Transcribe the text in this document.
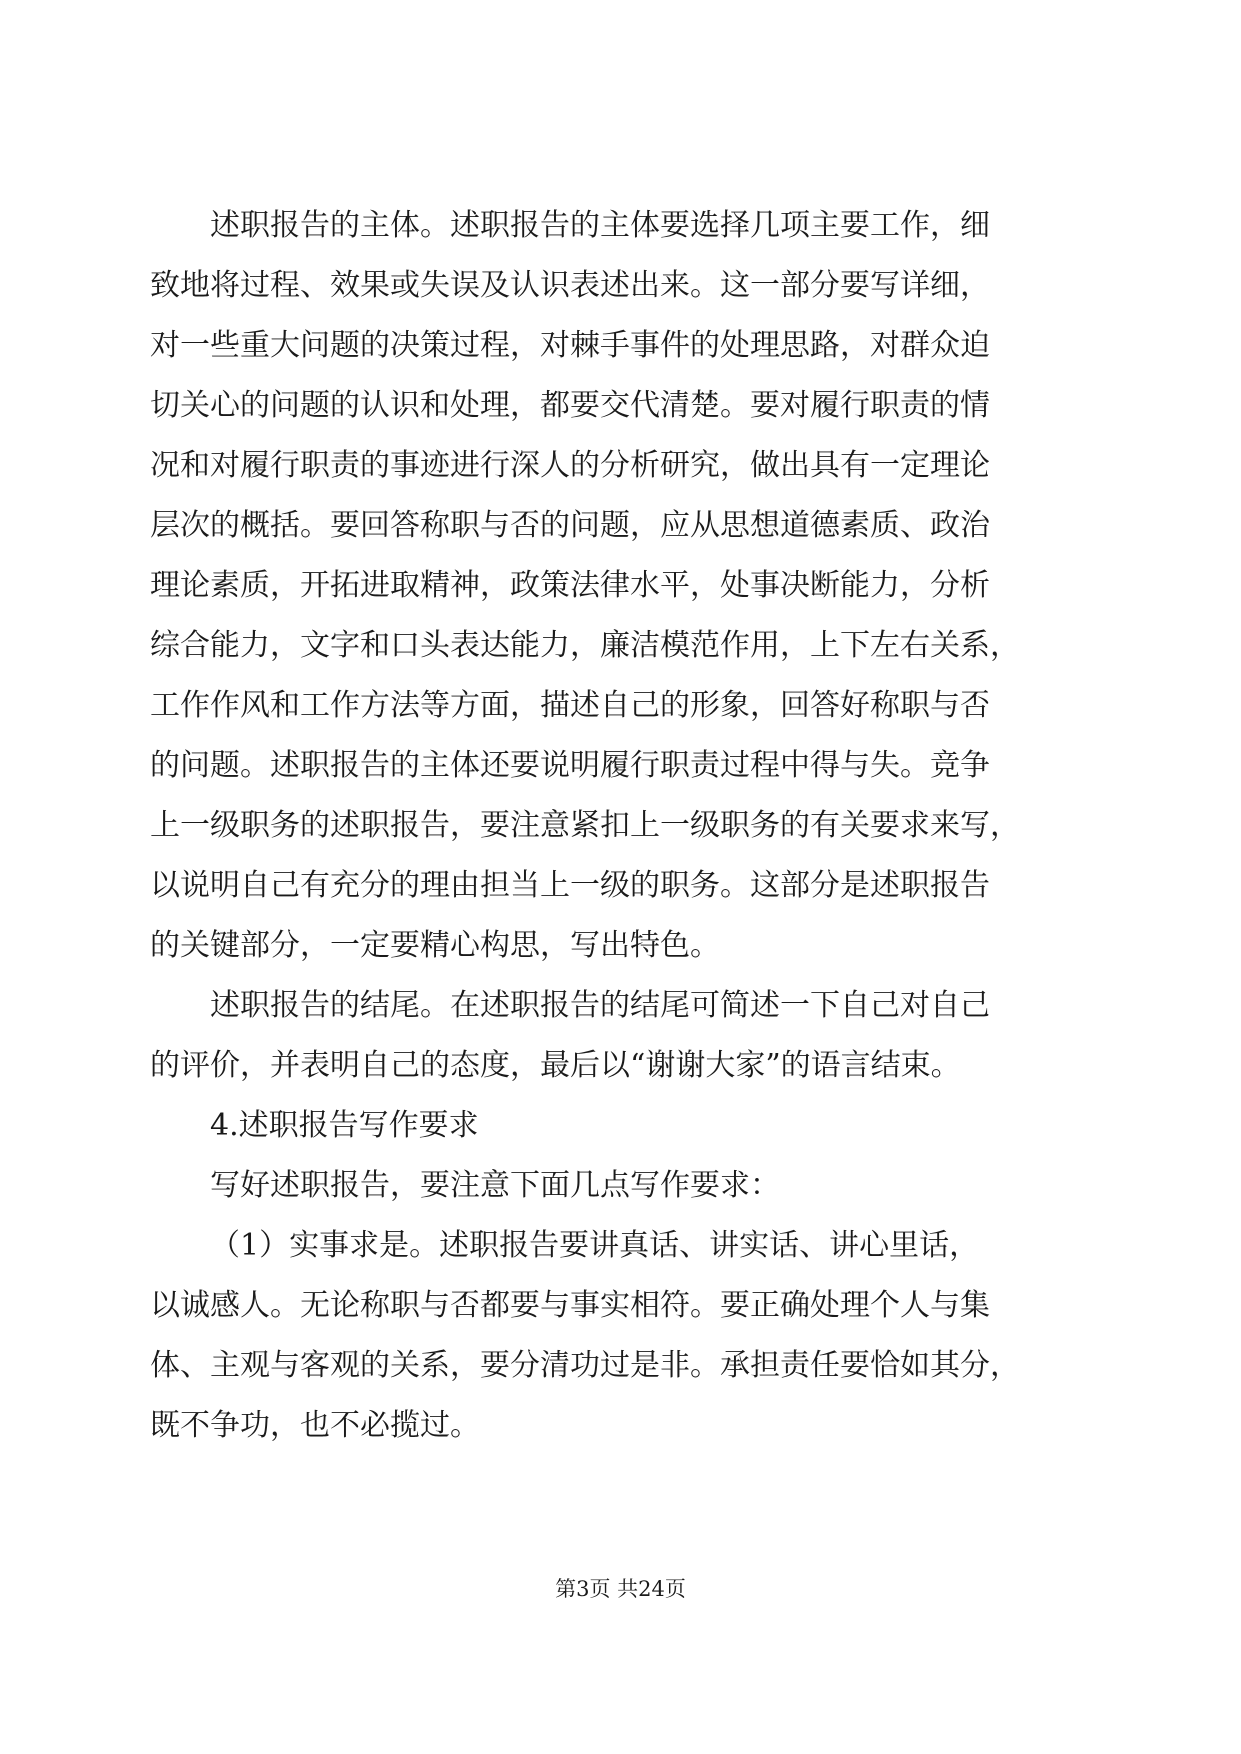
述职报告的主体。述职报告的主体要选择几项主要工作，细
致地将过程、效果或失误及认识表述出来。这一部分要写详细，
对一些重大问题的决策过程，对棘手事件的处理思路，对群众迫
切关心的问题的认识和处理，都要交代清楚。要对履行职责的情
况和对履行职责的事迹进行深人的分析研究，做出具有一定理论
层次的概括。要回答称职与否的问题，应从思想道德素质、政治
理论素质，开拓进取精神，政策法律水平，处事决断能力，分析
综合能力，文字和口头表达能力，廉洁模范作用，上下左右关系，
工作作风和工作方法等方面，描述自己的形象，回答好称职与否
的问题。述职报告的主体还要说明履行职责过程中得与失。竞争
上一级职务的述职报告，要注意紧扣上一级职务的有关要求来写，
以说明自己有充分的理由担当上一级的职务。这部分是述职报告
的关键部分，一定要精心构思，写出特色。
述职报告的结尾。在述职报告的结尾可简述一下自己对自己
的评价，并表明自己的态度，最后以“谢谢大家”的语言结束。
4.述职报告写作要求
写好述职报告，要注意下面几点写作要求：
（1）实事求是。述职报告要讲真话、讲实话、讲心里话，
以诚感人。无论称职与否都要与事实相符。要正确处理个人与集
体、主观与客观的关系，要分清功过是非。承担责任要恰如其分，
既不争功，也不必揽过。
第3页 共24页
